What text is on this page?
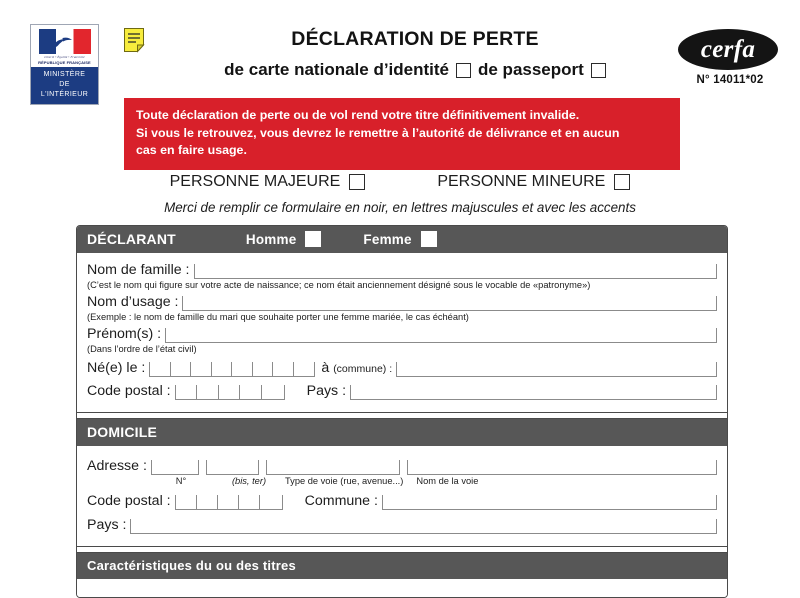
Liberté • Égalité • Fraternité
RÉPUBLIQUE FRANÇAISE
MINISTÈRE
DE
L'INTÉRIEUR
DÉCLARATION DE PERTE
de carte nationale d’identité de passeport
cerfa
N° 14011*02
Toute déclaration de perte ou de vol rend votre titre définitivement invalide.
Si vous le retrouvez, vous devrez le remettre à l’autorité de délivrance et en aucun
cas en faire usage.
PERSONNE MAJEURE	PERSONNE MINEURE
Merci de remplir ce formulaire en noir, en lettres majuscules et avec les accents
DÉCLARANT	Homme	Femme
Nom de famille :
(C’est le nom qui figure sur votre acte de naissance; ce nom était anciennement désigné sous le vocable de «patronyme»)
Nom d’usage :
(Exemple : le nom de famille du mari que souhaite porter une femme mariée, le cas échéant)
Prénom(s) :
(Dans l’ordre de l’état civil)
Né(e) le :	à (commune) :
Code postal :	Pays :
DOMICILE
Adresse :
N°	(bis, ter)	Type de voie (rue, avenue...) Nom de la voie
Code postal :	Commune :
Pays :
Caractéristiques du ou des titres
